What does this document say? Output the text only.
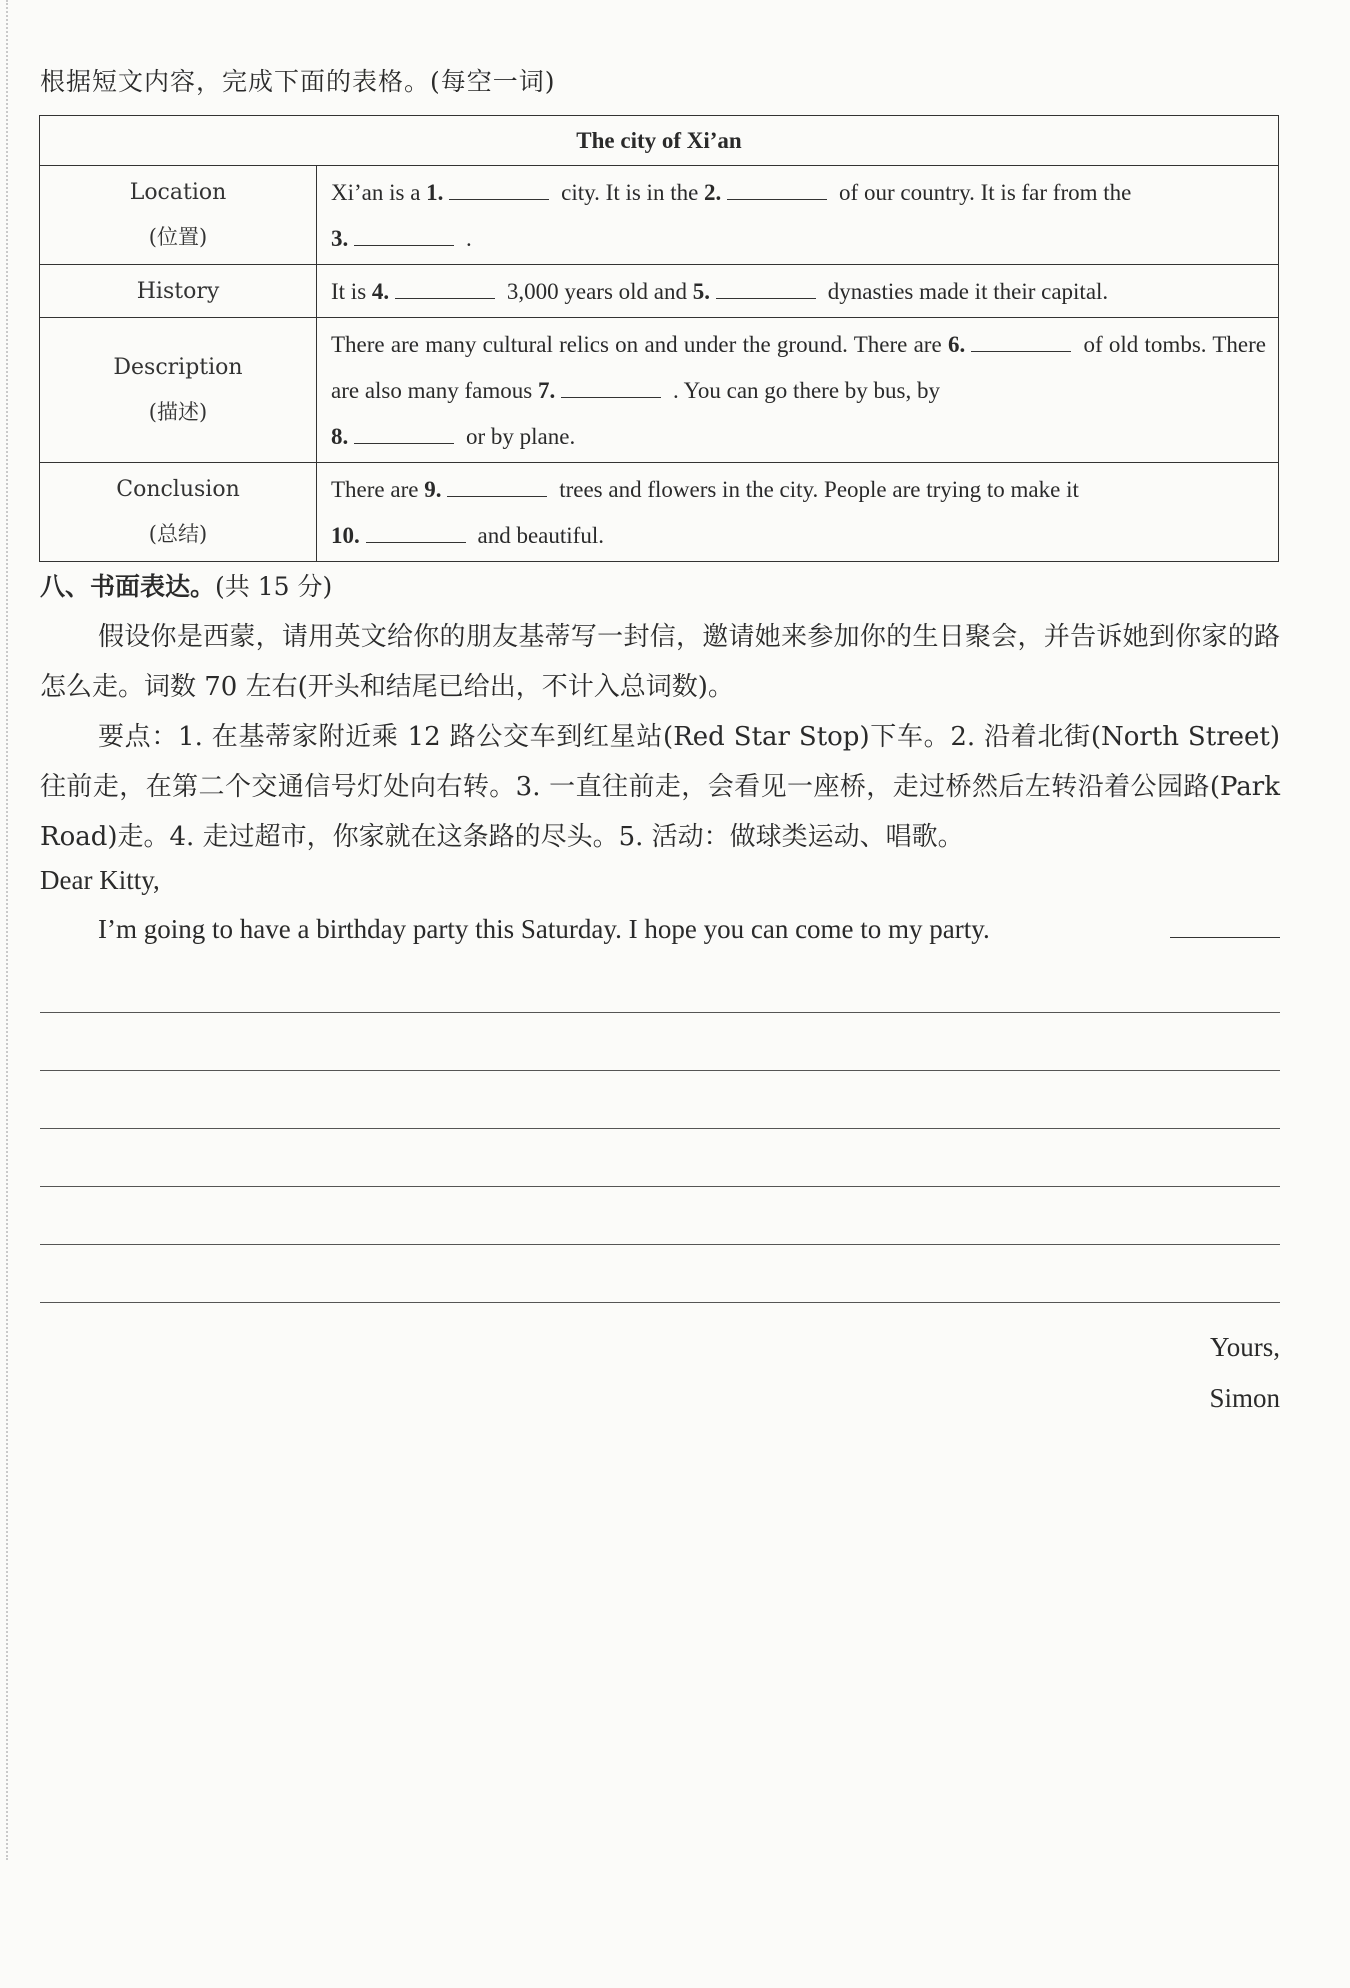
根据短文内容，完成下面的表格。(每空一词)
The city of Xi’an	
Location
(位置)	Xi’an is a 1. city. It is in the 2. of our country. It is far from the
3. .
History	It is 4. 3,000 years old and 5. dynasties made it their capital.
Description
(描述)	There are many cultural relics on and under the ground. There are 6. of old tombs. There are also many famous 7. . You can go there by bus, by
8. or by plane.
Conclusion
(总结)	There are 9. trees and flowers in the city. People are trying to make it
10. and beautiful.
八、书面表达。(共 15 分)
假设你是西蒙，请用英文给你的朋友基蒂写一封信，邀请她来参加你的生日聚会，并告诉她到你家的路怎么走。词数 70 左右(开头和结尾已给出，不计入总词数)。
要点：1. 在基蒂家附近乘 12 路公交车到红星站(Red Star Stop)下车。2. 沿着北街(North Street)往前走，在第二个交通信号灯处向右转。3. 一直往前走，会看见一座桥，走过桥然后左转沿着公园路(Park Road)走。4. 走过超市，你家就在这条路的尽头。5. 活动：做球类运动、唱歌。
Dear Kitty,
I’m going to have a birthday party this Saturday. I hope you can come to my party.
Yours,
Simon
